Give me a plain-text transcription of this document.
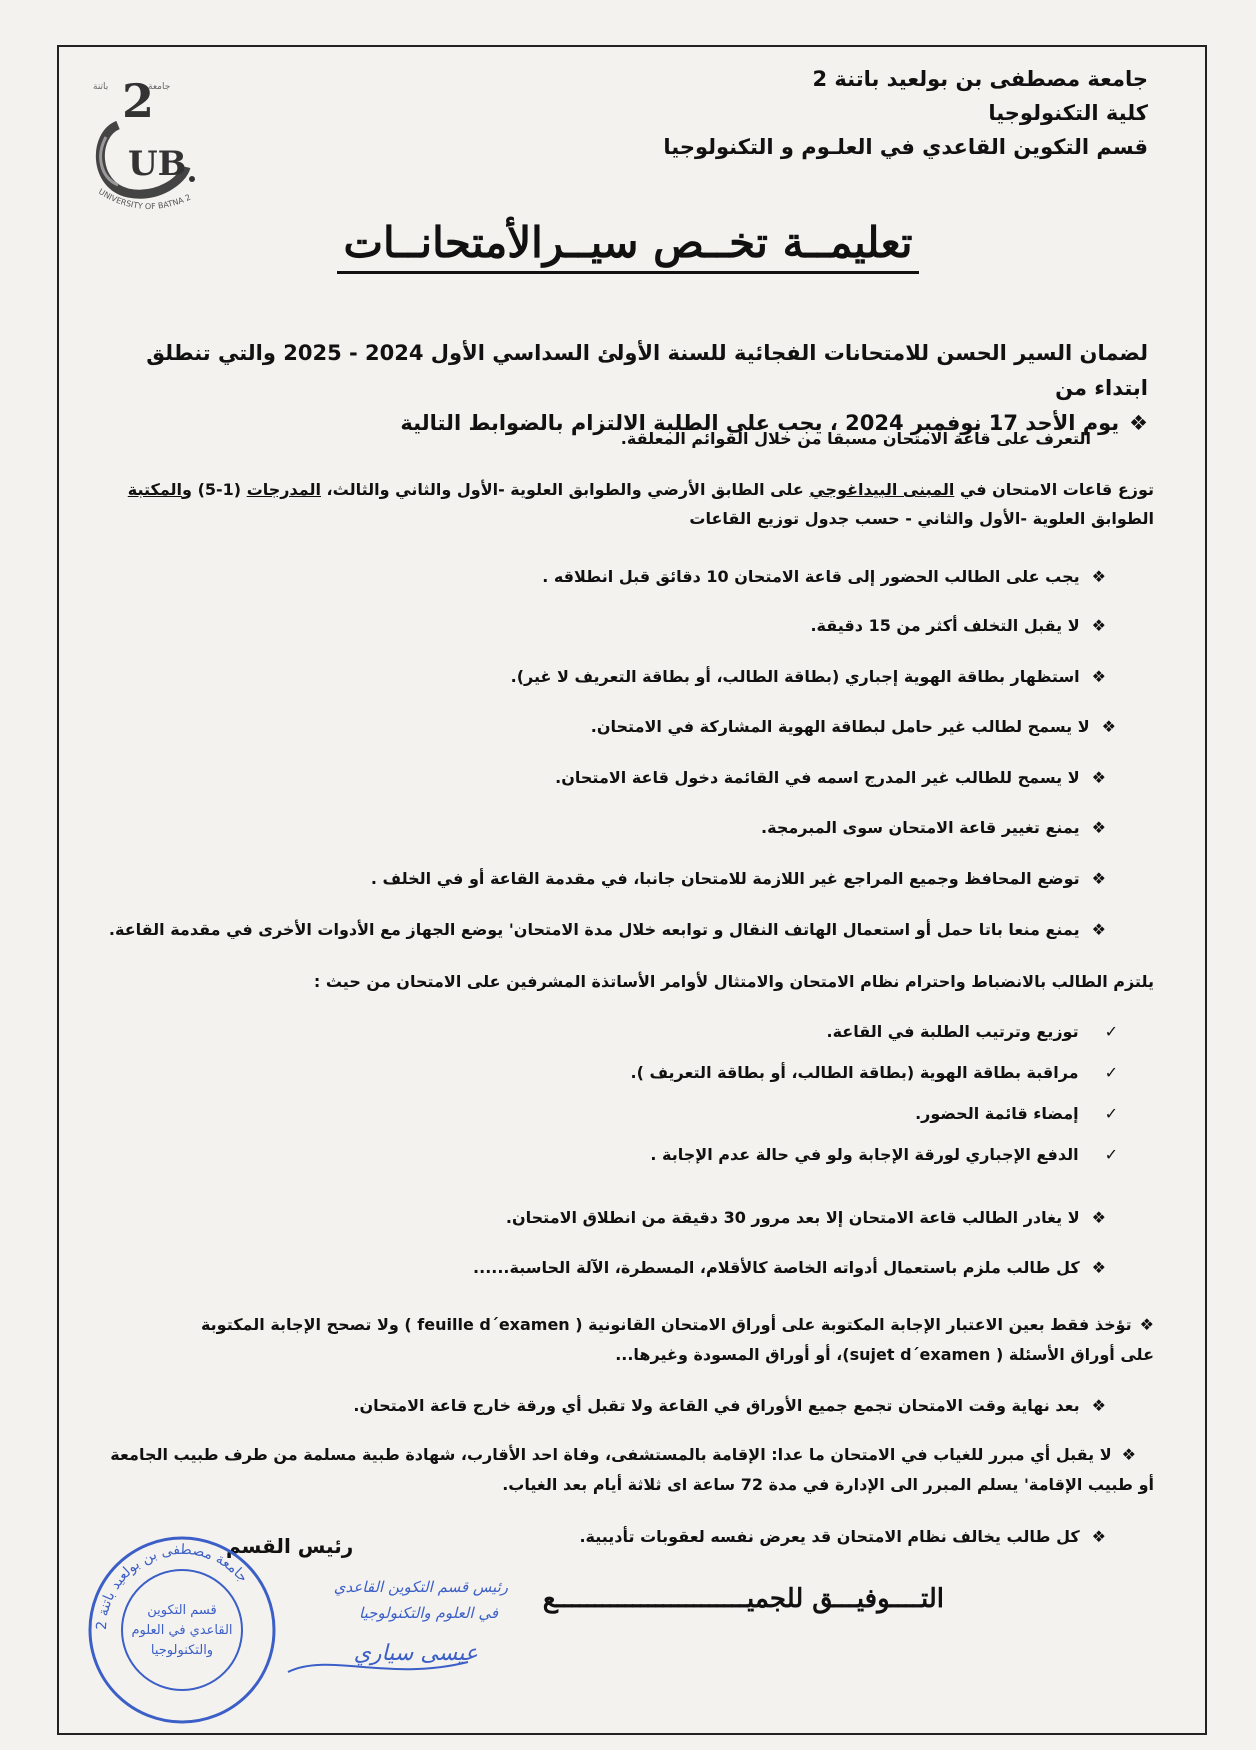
جامعة مصطفى بن بولعيد باتنة 2
كلية التكنولوجيا
قسم التكوين القاعدي في العلـوم و التكنولوجيا
جامعة
باتنة 2
UB
UNIVERSITY OF BATNA 2
تعليمــة تخــص سيــرالأمتحانــات
لضمان السير الحسن للامتحانات الفجائية للسنة الأولئ السداسي الأول 2024 - 2025 والتي تنطلق ابتداء من
❖يوم الأحد 17 نوفمبر 2024 ، يجب على الطلبة الالتزام بالضوابط التالية
التعرف على قاعة الامتحان مسبقا من خلال القوائم المعلقة.
توزع قاعات الامتحان في المبنى البيداغوجي على الطابق الأرضي والطوابق العلوية -الأول والثاني والثالث، المدرجات (1-5) والمكتبة
الطوابق العلوية -الأول والثاني - حسب جدول توزيع القاعات
❖يجب على الطالب الحضور إلى قاعة الامتحان 10 دقائق قبل انطلاقه .
❖لا يقبل التخلف أكثر من 15 دقيقة.
❖استظهار بطاقة الهوية إجباري (بطاقة الطالب، أو بطاقة التعريف لا غير).
❖لا يسمح لطالب غير حامل لبطاقة الهوية المشاركة في الامتحان.
❖لا يسمح للطالب غير المدرج اسمه في القائمة دخول قاعة الامتحان.
❖يمنع تغيير قاعة الامتحان سوى المبرمجة.
❖توضع المحافظ وجميع المراجع غير اللازمة للامتحان جانبا، في مقدمة القاعة أو في الخلف .
❖يمنع منعا باتا حمل أو استعمال الهاتف النقال و توابعه خلال مدة الامتحان' يوضع الجهاز مع الأدوات الأخرى في مقدمة القاعة.
يلتزم الطالب بالانضباط واحترام نظام الامتحان والامتثال لأوامر الأساتذة المشرفين على الامتحان من حيث :
✓توزيع وترتيب الطلبة في القاعة.
✓مراقبة بطاقة الهوية (بطاقة الطالب، أو بطاقة التعريف ).
✓إمضاء قائمة الحضور.
✓الدفع الإجباري لورقة الإجابة ولو في حالة عدم الإجابة .
❖لا يغادر الطالب قاعة الامتحان إلا بعد مرور 30 دقيقة من انطلاق الامتحان.
❖كل طالب ملزم باستعمال أدواته الخاصة كالأقلام، المسطرة، الآلة الحاسبة......
❖تؤخذ فقط بعين الاعتبار الإجابة المكتوبة على أوراق الامتحان القانونية ( feuille d´examen ) ولا تصحح الإجابة المكتوبة
على أوراق الأسئلة ( sujet d´examen)، أو أوراق المسودة وغيرها...
❖بعد نهاية وقت الامتحان تجمع جميع الأوراق في القاعة ولا تقبل أي ورقة خارج قاعة الامتحان.
❖لا يقبل أي مبرر للغياب في الامتحان ما عدا: الإقامة بالمستشفى، وفاة احد الأقارب، شهادة طبية مسلمة من طرف طبيب الجامعة
أو طبيب الإقامة' يسلم المبرر الى الإدارة في مدة 72 ساعة اى ثلاثة أيام بعد الغياب.
❖كل طالب يخالف نظام الامتحان قد يعرض نفسه لعقوبات تأديبية.
رئيس القسم
التــــوفيـــق للجميـــــــــــــــــــــــــع
جامعة مصطفى بن بولعيد باتنة 2
قسم التكوين
القاعدي في العلوم
والتكنولوجيا
رئيس قسم التكوين القاعدي
في العلوم والتكنولوجيا
عيسى سياري
